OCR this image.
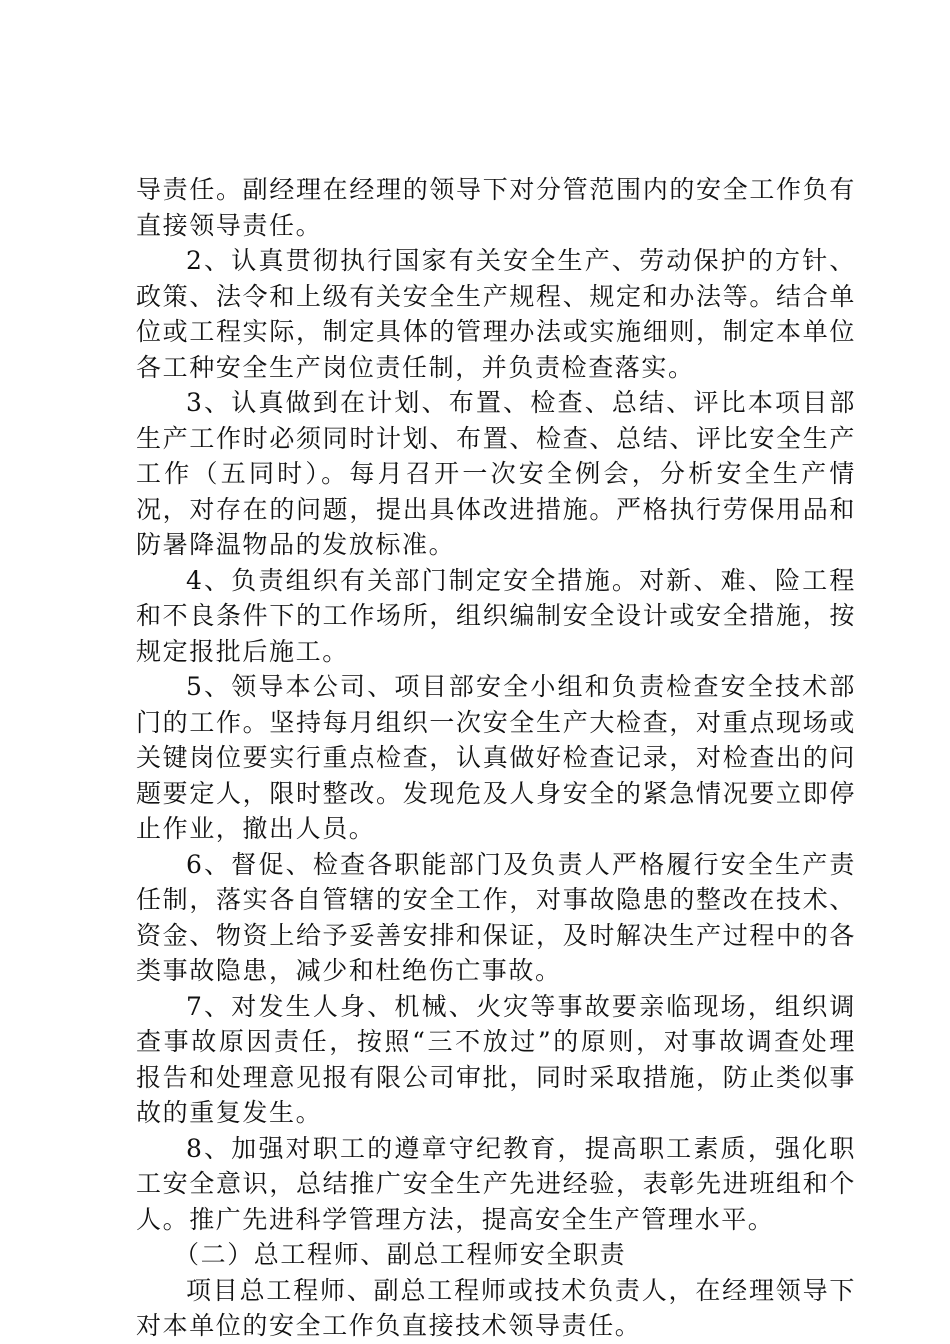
导责任。副经理在经理的领导下对分管范围内的安全工作负有直接领导责任。

2、认真贯彻执行国家有关安全生产、劳动保护的方针、政策、法令和上级有关安全生产规程、规定和办法等。结合单位或工程实际，制定具体的管理办法或实施细则，制定本单位各工种安全生产岗位责任制，并负责检查落实。

3、认真做到在计划、布置、检查、总结、评比本项目部生产工作时必须同时计划、布置、检查、总结、评比安全生产工作（五同时）。每月召开一次安全例会，分析安全生产情况，对存在的问题，提出具体改进措施。严格执行劳保用品和防暑降温物品的发放标准。

4、负责组织有关部门制定安全措施。对新、难、险工程和不良条件下的工作场所，组织编制安全设计或安全措施，按规定报批后施工。

5、领导本公司、项目部安全小组和负责检查安全技术部门的工作。坚持每月组织一次安全生产大检查，对重点现场或关键岗位要实行重点检查，认真做好检查记录，对检查出的问题要定人，限时整改。发现危及人身安全的紧急情况要立即停止作业，撤出人员。

6、督促、检查各职能部门及负责人严格履行安全生产责任制，落实各自管辖的安全工作，对事故隐患的整改在技术、资金、物资上给予妥善安排和保证，及时解决生产过程中的各类事故隐患，减少和杜绝伤亡事故。

7、对发生人身、机械、火灾等事故要亲临现场，组织调查事故原因责任，按照“三不放过”的原则，对事故调查处理报告和处理意见报有限公司审批，同时采取措施，防止类似事故的重复发生。

8、加强对职工的遵章守纪教育，提高职工素质，强化职工安全意识，总结推广安全生产先进经验，表彰先进班组和个人。推广先进科学管理方法，提高安全生产管理水平。

（二）总工程师、副总工程师安全职责

项目总工程师、副总工程师或技术负责人，在经理领导下对本单位的安全工作负直接技术领导责任。
